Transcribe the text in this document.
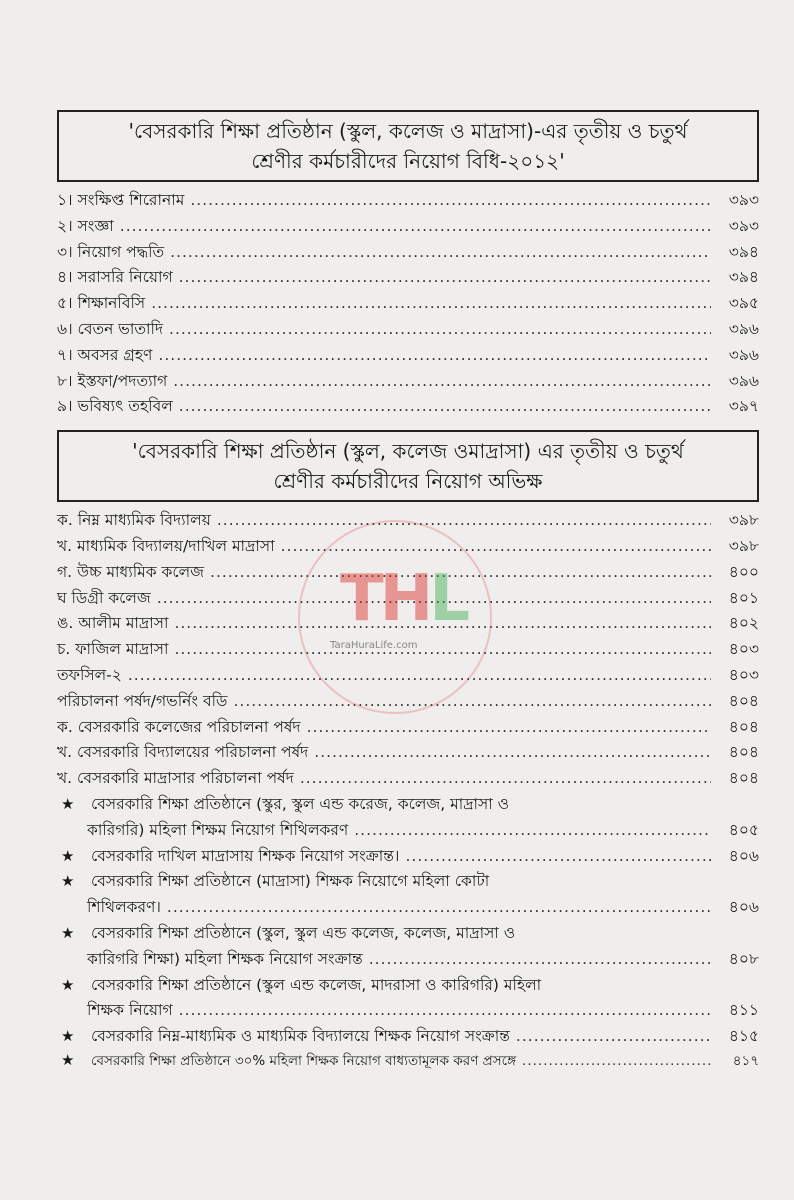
'বেসরকারি শিক্ষা প্রতিষ্ঠান (স্কুল, কলেজ ও মাদ্রাসা)-এর তৃতীয় ও চতুর্থ
শ্রেণীর কর্মচারীদের নিয়োগ বিধি-২০১২'
১। সংক্ষিপ্ত শিরোনাম .....	৩৯৩
২। সংজ্ঞা .....	৩৯৩
৩। নিয়োগ পদ্ধতি .....	৩৯৪
৪। সরাসরি নিয়োগ .....	৩৯৪
৫। শিক্ষানবিসি .....	৩৯৫
৬। বেতন ভাতাদি .....	৩৯৬
৭। অবসর গ্রহণ .....	৩৯৬
৮। ইস্তফা/পদত্যাগ .....	৩৯৬
৯। ভবিষ্যৎ তহবিল .....	৩৯৭
'বেসরকারি শিক্ষা প্রতিষ্ঠান (স্কুল, কলেজ ওমাদ্রাসা) এর তৃতীয় ও চতুর্থ
শ্রেণীর কর্মচারীদের নিয়োগ অভিক্ষ
ক. নিম্ন মাধ্যমিক বিদ্যালয় .....	৩৯৮
খ. মাধ্যমিক বিদ্যালয়/দাখিল মাদ্রাসা .....	৩৯৮
গ. উচ্চ মাধ্যমিক কলেজ .....	৪০০
ঘ ডিগ্রী কলেজ .....	৪০১
ঙ. আলীম মাদ্রাসা .....	৪০২
চ. ফাজিল মাদ্রাসা .....	৪০৩
তফসিল-২ .....	৪০৩
পরিচালনা পর্ষদ/গভর্নিং বডি .....	৪০৪
ক. বেসরকারি কলেজের পরিচালনা পর্ষদ .....	৪০৪
খ. বেসরকারি বিদ্যালয়ের পরিচালনা পর্ষদ .....	৪০৪
খ. বেসরকারি মাদ্রাসার পরিচালনা পর্ষদ .....	৪০৪
★	বেসরকারি শিক্ষা প্রতিষ্ঠানে (স্কুর, স্কুল এন্ড করেজ, কলেজ, মাদ্রাসা ও
কারিগরি) মহিলা শিক্ষম নিয়োগ শিথিলকরণ .....	৪০৫
★	বেসরকারি দাখিল মাদ্রাসায় শিক্ষক নিয়োগ সংক্রান্ত। .....	৪০৬
★	বেসরকারি শিক্ষা প্রতিষ্ঠানে (মাদ্রাসা) শিক্ষক নিয়োগে মহিলা কোটা
শিথিলকরণ। .....	৪০৬
★	বেসরকারি শিক্ষা প্রতিষ্ঠানে (স্কুল, স্কুল এন্ড কলেজ, কলেজ, মাদ্রাসা ও
কারিগরি শিক্ষা) মহিলা শিক্ষক নিয়োগ সংক্রান্ত .....	৪০৮
★	বেসরকারি শিক্ষা প্রতিষ্ঠানে (স্কুল এন্ড কলেজ, মাদরাসা ও কারিগরি) মহিলা
শিক্ষক নিয়োগ .....	৪১১
★	বেসরকারি নিম্ন-মাধ্যমিক ও মাধ্যমিক বিদ্যালয়ে শিক্ষক নিয়োগ সংক্রান্ত .....	৪১৫
★	বেসরকারি শিক্ষা প্রতিষ্ঠানে ৩০% মহিলা শিক্ষক নিয়োগ বাধ্যতামূলক করণ প্রসঙ্গে .....	৪১৭
THL
TaraHuraLife.com
